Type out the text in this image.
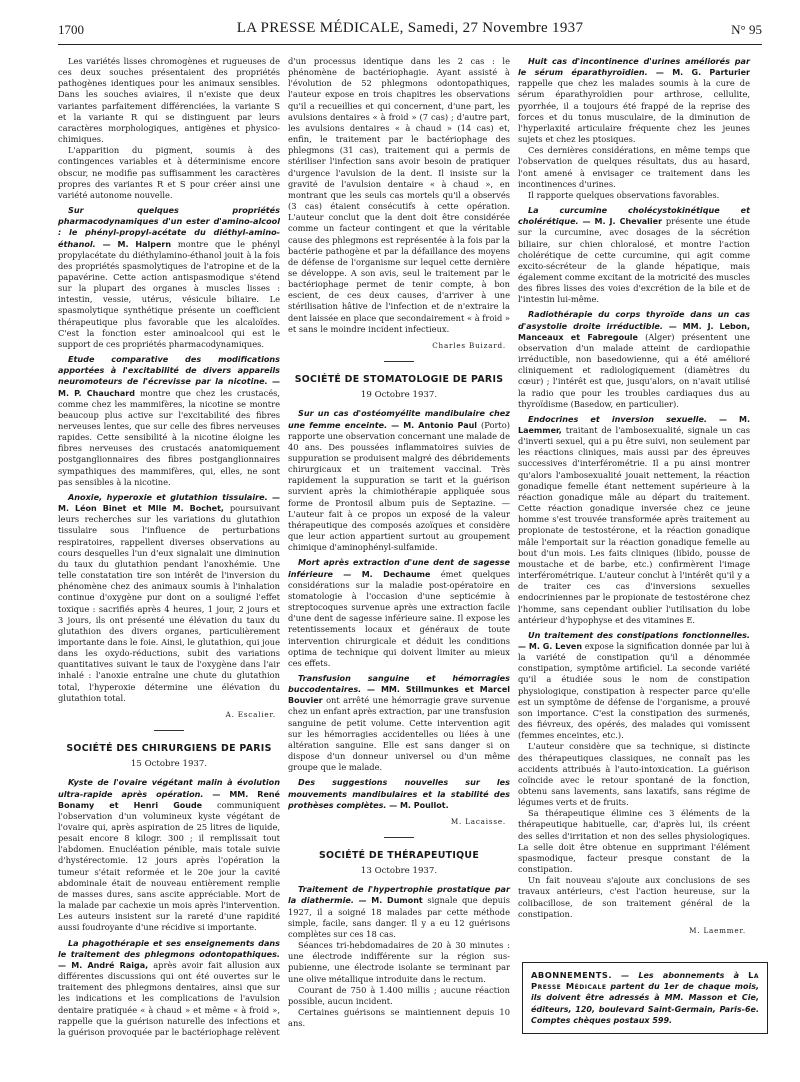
1700	LA PRESSE MÉDICALE, Samedi, 27 Novembre 1937	N° 95

Les variétés lisses chromogènes et rugueuses de ces deux souches présentaient des propriétés pathogènes identiques pour les animaux sensibles. Dans les souches aviaires, il n'existe que deux variantes parfaitement différenciées, la variante S et la variante R qui se distinguent par leurs caractères morphologiques, antigènes et physico-chimiques.

L'apparition du pigment, soumis à des contingences variables et à déterminisme encore obscur, ne modifie pas suffisamment les caractères propres des variantes R et S pour créer ainsi une variété autonome nouvelle.

Sur quelques propriétés pharmacodynamiques d'un ester d'amino-alcool : le phényl-propyl-acétate du diéthyl-amino-éthanol. — M. Halpern montre que le phényl propylacétate du diéthylamino-éthanol jouit à la fois des propriétés spasmolytiques de l'atropine et de la papavérine. Cette action antispasmodique s'étend sur la plupart des organes à muscles lisses : intestin, vessie, utérus, vésicule biliaire. Le spasmolytique synthétique présente un coefficient thérapeutique plus favorable que les alcaloïdes. C'est la fonction ester aminoalcool qui est le support de ces propriétés pharmacodynamiques.

Etude comparative des modifications apportées à l'excitabilité de divers appareils neuromoteurs de l'écrevisse par la nicotine. — M. P. Chauchard montre que chez les crustacés, comme chez les mammifères, la nicotine se montre beaucoup plus active sur l'excitabilité des fibres nerveuses lentes, que sur celle des fibres nerveuses rapides. Cette sensibilité à la nicotine éloigne les fibres nerveuses des crustacés anatomiquement postganglionnaires des fibres postganglionnaires sympathiques des mammifères, qui, elles, ne sont pas sensibles à la nicotine.

Anoxie, hyperoxie et glutathion tissulaire. — M. Léon Binet et Mlle M. Bochet, poursuivant leurs recherches sur les variations du glutathion tissulaire sous l'influence de perturbations respiratoires, rappellent diverses observations au cours desquelles l'un d'eux signalait une diminution du taux du glutathion pendant l'anoxhémie. Une telle constatation tire son intérêt de l'inversion du phénomène chez des animaux soumis à l'inhalation continue d'oxygène pur dont on a souligné l'effet toxique : sacrifiés après 4 heures, 1 jour, 2 jours et 3 jours, ils ont présenté une élévation du taux du glutathion des divers organes, particulièrement importante dans le foie. Ainsi, le glutathion, qui joue dans les oxydo-réductions, subit des variations quantitatives suivant le taux de l'oxygène dans l'air inhalé : l'anoxie entraîne une chute du glutathion total, l'hyperoxie détermine une élévation du glutathion total.

A. Escalier.

SOCIÉTÉ DES CHIRURGIENS DE PARIS

15 Octobre 1937.

Kyste de l'ovaire végétant malin à évolution ultra-rapide après opération. — MM. René Bonamy et Henri Goude communiquent l'observation d'un volumineux kyste végétant de l'ovaire qui, après aspiration de 25 litres de liquide, pesait encore 8 kilogr. 300 ; il remplissait tout l'abdomen. Enucléation pénible, mais totale suivie d'hystérectomie. 12 jours après l'opération la tumeur s'était reformée et le 20e jour la cavité abdominale était de nouveau entièrement remplie de masses dures, sans ascite appréciable. Mort de la malade par cachexie un mois après l'intervention. Les auteurs insistent sur la rareté d'une rapidité aussi foudroyante d'une récidive si importante.

La phagothérapie et ses enseignements dans le traitement des phlegmons odontopathiques. — M. André Raiga, après avoir fait allusion aux différentes discussions qui ont été ouvertes sur le traitement des phlegmons dentaires, ainsi que sur les indications et les complications de l'avulsion dentaire pratiquée « à chaud » et même « à froid », rappelle que la guérison naturelle des infections et la guérison provoquée par le bactériophage relèvent

d'un processus identique dans les 2 cas : le phénomène de bactériophagie. Ayant assisté à l'évolution de 52 phlegmons odontopathiques, l'auteur expose en trois chapitres les observations qu'il a recueillies et qui concernent, d'une part, les avulsions dentaires « à froid » (7 cas) ; d'autre part, les avulsions dentaires « à chaud » (14 cas) et, enfin, le traitement par le bactériophage des phlegmons (31 cas), traitement qui a permis de stériliser l'infection sans avoir besoin de pratiquer d'urgence l'avulsion de la dent. Il insiste sur la gravité de l'avulsion dentaire « à chaud », en montrant que les seuls cas mortels qu'il a observés (3 cas) étaient consécutifs à cette opération. L'auteur conclut que la dent doit être considérée comme un facteur contingent et que la véritable cause des phlegmons est représentée à la fois par la bactérie pathogène et par la défaillance des moyens de défense de l'organisme sur lequel cette dernière se développe. A son avis, seul le traitement par le bactériophage permet de tenir compte, à bon escient, de ces deux causes, d'arriver à une stérilisation hâtive de l'infection et de n'extraire la dent laissée en place que secondairement « à froid » et sans le moindre incident infectieux.

Charles Buizard.

SOCIÉTÉ DE STOMATOLOGIE DE PARIS

19 Octobre 1937.

Sur un cas d'ostéomyélite mandibulaire chez une femme enceinte. — M. Antonio Paul (Porto) rapporte une observation concernant une malade de 40 ans. Des poussées inflammatoires suivies de suppuration se produisent malgré des débridements chirurgicaux et un traitement vaccinal. Très rapidement la suppuration se tarit et la guérison survient après la chimiothérapie appliquée sous forme de Prontosil album puis de Septazine. — L'auteur fait à ce propos un exposé de la valeur thérapeutique des composés azoïques et considère que leur action appartient surtout au groupement chimique d'aminophényl-sulfamide.

Mort après extraction d'une dent de sagesse inférieure — M. Dechaume émet quelques considérations sur la maladie post-opératoire en stomatologie à l'occasion d'une septicémie à streptocoques survenue après une extraction facile d'une dent de sagesse inférieure saine. Il expose les retentissements locaux et généraux de toute intervention chirurgicale et déduit les conditions optima de technique qui doivent limiter au mieux ces effets.

Transfusion sanguine et hémorragies buccodentaires. — MM. Stillmunkes et Marcel Bouvier ont arrêté une hémorragie grave survenue chez un enfant après extraction, par une transfusion sanguine de petit volume. Cette intervention agit sur les hémorragies accidentelles ou liées à une altération sanguine. Elle est sans danger si on dispose d'un donneur universel ou d'un même groupe que le malade.

Des suggestions nouvelles sur les mouvements mandibulaires et la stabilité des prothèses complètes. — M. Poullot.

M. Lacaisse.

SOCIÉTÉ DE THÉRAPEUTIQUE

13 Octobre 1937.

Traitement de l'hypertrophie prostatique par la diathermie. — M. Dumont signale que depuis 1927, il a soigné 18 malades par cette méthode simple, facile, sans danger. Il y a eu 12 guérisons complètes sur ces 18 cas.

Séances tri-hebdomadaires de 20 à 30 minutes : une électrode indifférente sur la région sus-pubienne, une électrode isolante se terminant par une olive métallique introduite dans le rectum.

Courant de 750 à 1.400 millis ; aucune réaction possible, aucun incident.

Certaines guérisons se maintiennent depuis 10 ans.

Huit cas d'incontinence d'urines améliorés par le sérum éparathyroïdien. — M. G. Parturier rappelle que chez les malades soumis à la cure de sérum éparathyroïdien pour arthrose, cellulite, pyorrhée, il a toujours été frappé de la reprise des forces et du tonus musculaire, de la diminution de l'hyperlaxité articulaire fréquente chez les jeunes sujets et chez les ptosiques.

Ces dernières considérations, en même temps que l'observation de quelques résultats, dus au hasard, l'ont amené à envisager ce traitement dans les incontinences d'urines.

Il rapporte quelques observations favorables.

La curcumine cholécystokinétique et cholérétique. — M. J. Chevalier présente une étude sur la curcumine, avec dosages de la sécrétion biliaire, sur chien chloralosé, et montre l'action cholérétique de cette curcumine, qui agit comme excito-sécréteur de la glande hépatique, mais également comme excitant de la motricité des muscles des fibres lisses des voies d'excrétion de la bile et de l'intestin lui-même.

Radiothérapie du corps thyroïde dans un cas d'asystolie droite irréductible. — MM. J. Lebon, Manceaux et Fabregoule (Alger) présentent une observation d'un malade atteint de cardiopathie irréductible, non basedowienne, qui a été amélioré cliniquement et radiologiquement (diamètres du cœur) ; l'intérêt est que, jusqu'alors, on n'avait utilisé la radio que pour les troubles cardiaques dus au thyroïdisme (Basedow, en particulier).

Endocrines et inversion sexuelle. — M. Laemmer, traitant de l'ambosexualité, signale un cas d'inverti sexuel, qui a pu être suivi, non seulement par les réactions cliniques, mais aussi par des épreuves successives d'interférométrie. Il a pu ainsi montrer qu'alors l'ambosexualité jouait nettement, la réaction gonadique femelle étant nettement supérieure à la réaction gonadique mâle au départ du traitement. Cette réaction gonadique inversée chez ce jeune homme s'est trouvée transformée après traitement au propionate de testostérone, et la réaction gonadique mâle l'emportait sur la réaction gonadique femelle au bout d'un mois. Les faits cliniques (libido, pousse de moustache et de barbe, etc.) confirmèrent l'image interférométrique. L'auteur conclut à l'intérêt qu'il y a de traiter ces cas d'inversions sexuelles endocriniennes par le propionate de testostérone chez l'homme, sans cependant oublier l'utilisation du lobe antérieur d'hypophyse et des vitamines E.

Un traitement des constipations fonctionnelles. — M. G. Leven expose la signification donnée par lui à la variété de constipation qu'il a dénommée constipation, symptôme artificiel. La seconde variété qu'il a étudiée sous le nom de constipation physiologique, constipation à respecter parce qu'elle est un symptôme de défense de l'organisme, a prouvé son importance. C'est la constipation des surmenés, des fiévreux, des opérés, des malades qui vomissent (femmes enceintes, etc.).

L'auteur considère que sa technique, si distincte des thérapeutiques classiques, ne connaît pas les accidents attribués à l'auto-intoxication. La guérison coïncide avec le retour spontané de la fonction, obtenu sans lavements, sans laxatifs, sans régime de légumes verts et de fruits.

Sa thérapeutique élimine ces 3 éléments de la thérapeutique habituelle, car, d'après lui, ils créent des selles d'irritation et non des selles physiologiques. La selle doit être obtenue en supprimant l'élément spasmodique, facteur presque constant de la constipation.

Un fait nouveau s'ajoute aux conclusions de ses travaux antérieurs, c'est l'action heureuse, sur la colibacillose, de son traitement général de la constipation.

M. Laemmer.

ABONNEMENTS. — Les abonnements à La Presse Médicale partent du 1er de chaque mois, ils doivent être adressés à MM. Masson et Cie, éditeurs, 120, boulevard Saint-Germain, Paris-6e. Comptes chèques postaux 599.
